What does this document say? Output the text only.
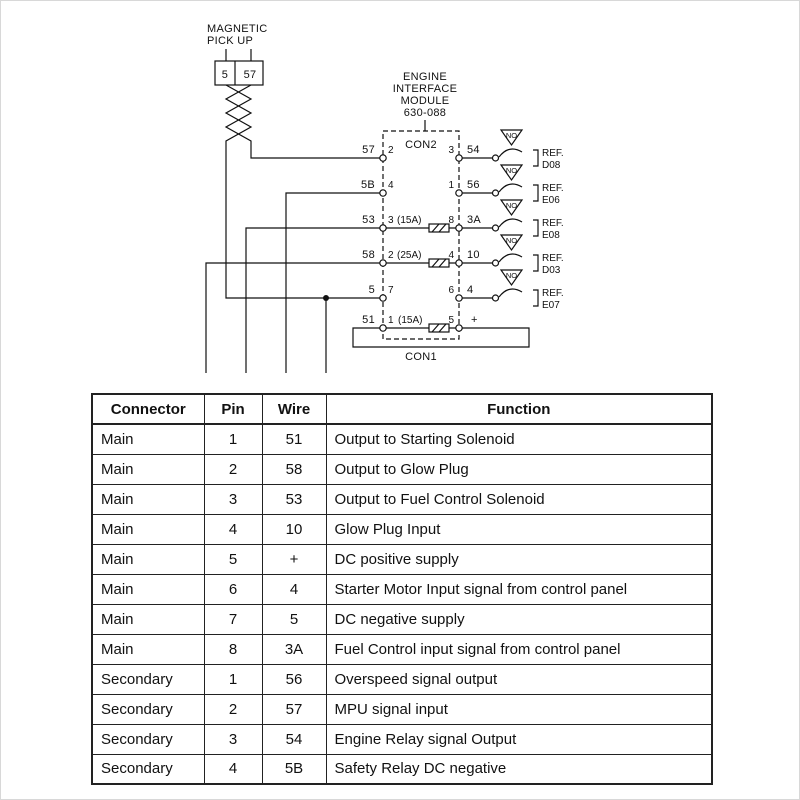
MAGNETIC
PICK UP
5 57	ENGINE
INTERFACE
MODULE
630-088
CON2
CON1
(15A)
(25A)
(15A)
57 2
5B 4
53 3
58 2
5 7
51 1
3 54
1 56
8 3A
4 10
6 4
5 +
NO
REF.
D08
NO
REF.
E06
NO
REF.
E08
NO
REF.
D03
NO
REF.
E07
Connector	Pin	Wire	Function
Main	1	51	Output to Starting Solenoid
Main	2	58	Output to Glow Plug
Main	3	53	Output to Fuel Control Solenoid
Main	4	10	Glow Plug Input
Main	5	+	DC positive supply
Main	6	4	Starter Motor Input signal from control panel
Main	7	5	DC negative supply
Main	8	3A	Fuel Control input signal from control panel
Secondary	1	56	Overspeed signal output
Secondary	2	57	MPU signal input
Secondary	3	54	Engine Relay signal Output
Secondary	4	5B	Safety Relay DC negative
